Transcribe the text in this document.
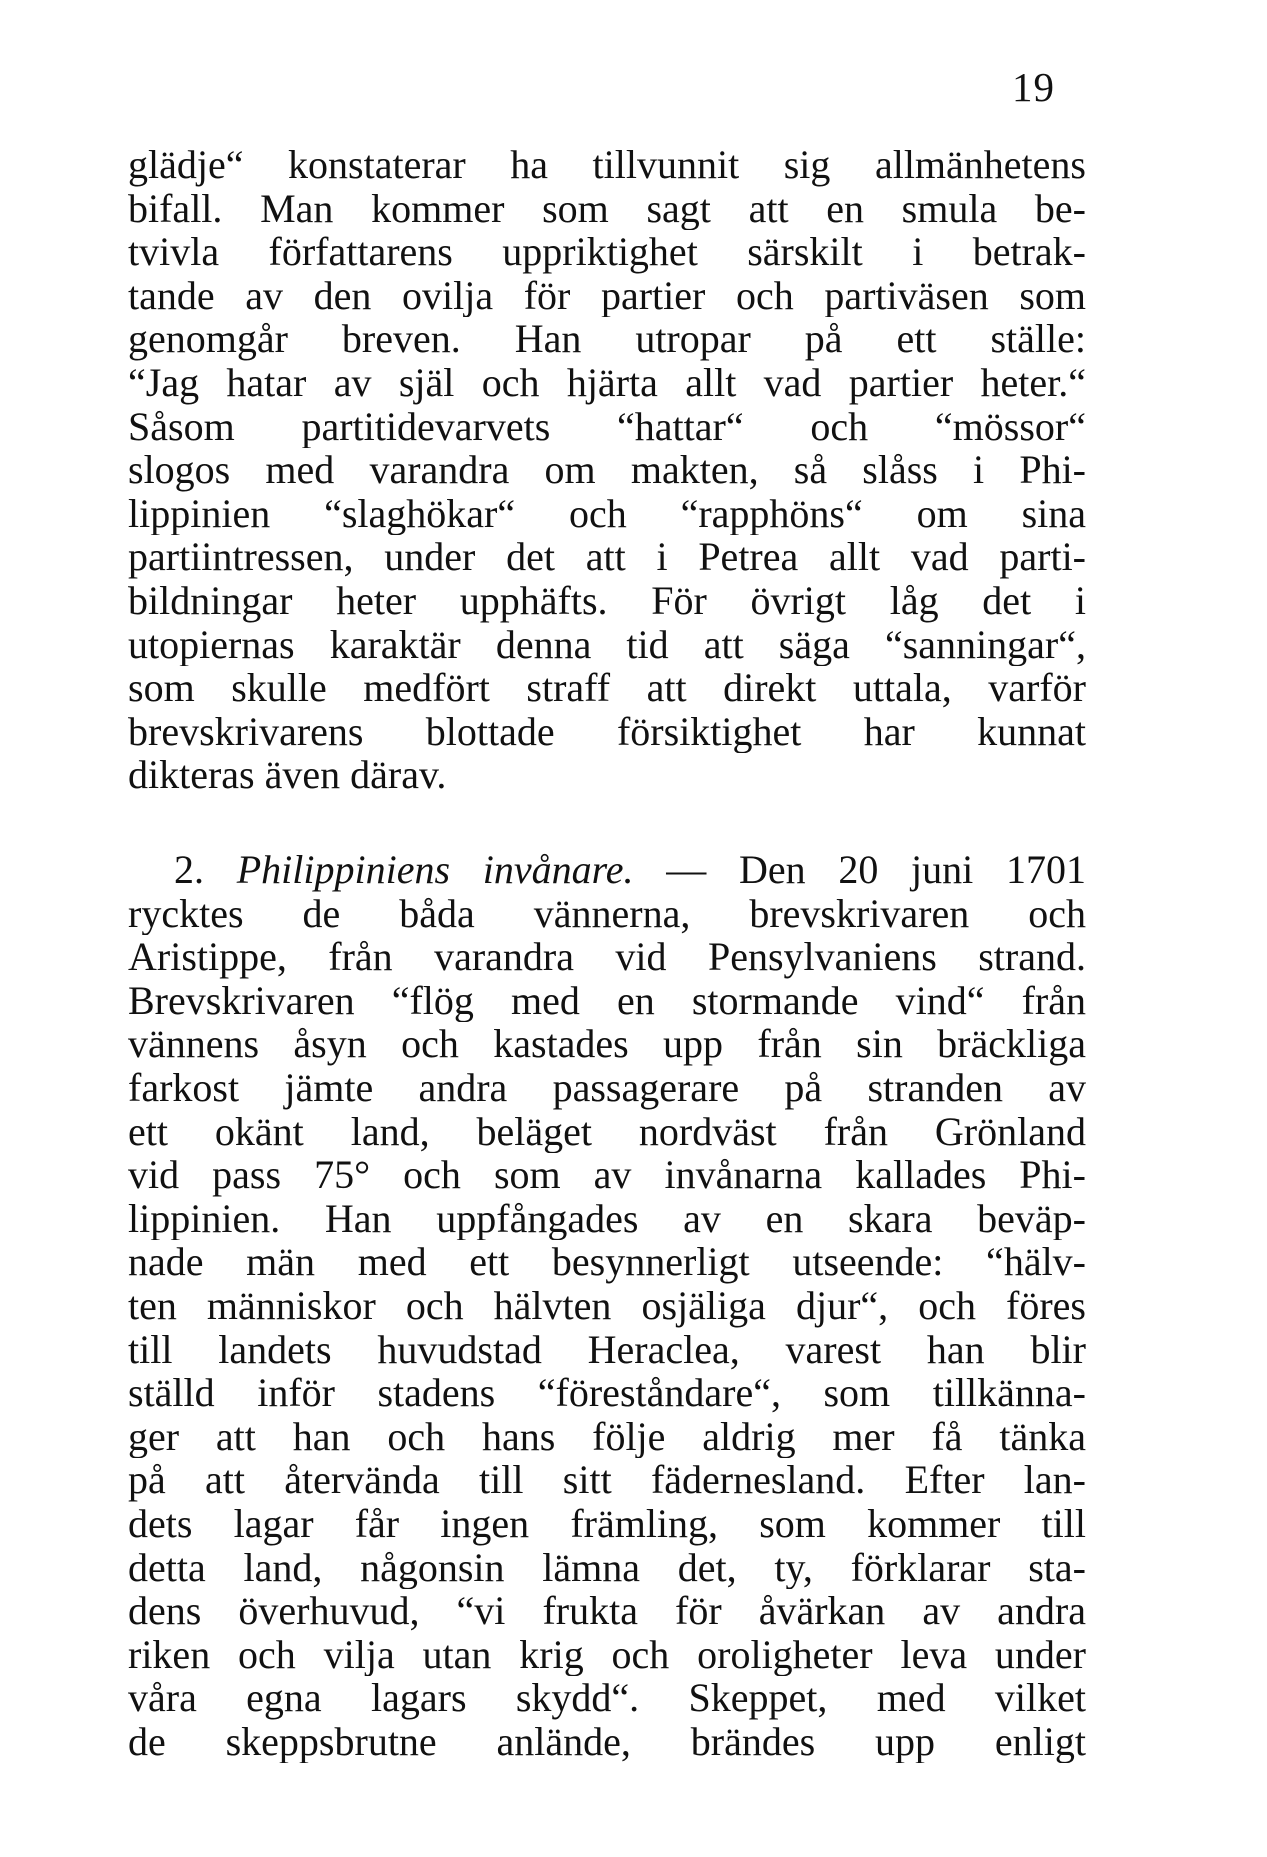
19
glädje“ konstaterar ha tillvunnit sig allmänhetens
bifall. Man kommer som sagt att en smula be-
tvivla författarens uppriktighet särskilt i betrak-
tande av den ovilja för partier och partiväsen som
genomgår breven. Han utropar på ett ställe:
“Jag hatar av själ och hjärta allt vad partier heter.“
Såsom partitidevarvets “hattar“ och “mössor“
slogos med varandra om makten, så slåss i Phi-
lippinien “slaghökar“ och “rapphöns“ om sina
partiintressen, under det att i Petrea allt vad parti-
bildningar heter upphäfts. För övrigt låg det i
utopiernas karaktär denna tid att säga “sanningar“,
som skulle medfört straff att direkt uttala, varför
brevskrivarens blottade försiktighet har kunnat
dikteras även därav.
2. Philippiniens invånare. — Den 20 juni 1701
rycktes de båda vännerna, brevskrivaren och
Aristippe, från varandra vid Pensylvaniens strand.
Brevskrivaren “flög med en stormande vind“ från
vännens åsyn och kastades upp från sin bräckliga
farkost jämte andra passagerare på stranden av
ett okänt land, beläget nordväst från Grönland
vid pass 75° och som av invånarna kallades Phi-
lippinien. Han uppfångades av en skara beväp-
nade män med ett besynnerligt utseende: “hälv-
ten människor och hälvten osjäliga djur“, och föres
till landets huvudstad Heraclea, varest han blir
ställd inför stadens “föreståndare“, som tillkänna-
ger att han och hans följe aldrig mer få tänka
på att återvända till sitt fädernesland. Efter lan-
dets lagar får ingen främling, som kommer till
detta land, någonsin lämna det, ty, förklarar sta-
dens överhuvud, “vi frukta för åvärkan av andra
riken och vilja utan krig och oroligheter leva under
våra egna lagars skydd“. Skeppet, med vilket
de skeppsbrutne anlände, brändes upp enligt
